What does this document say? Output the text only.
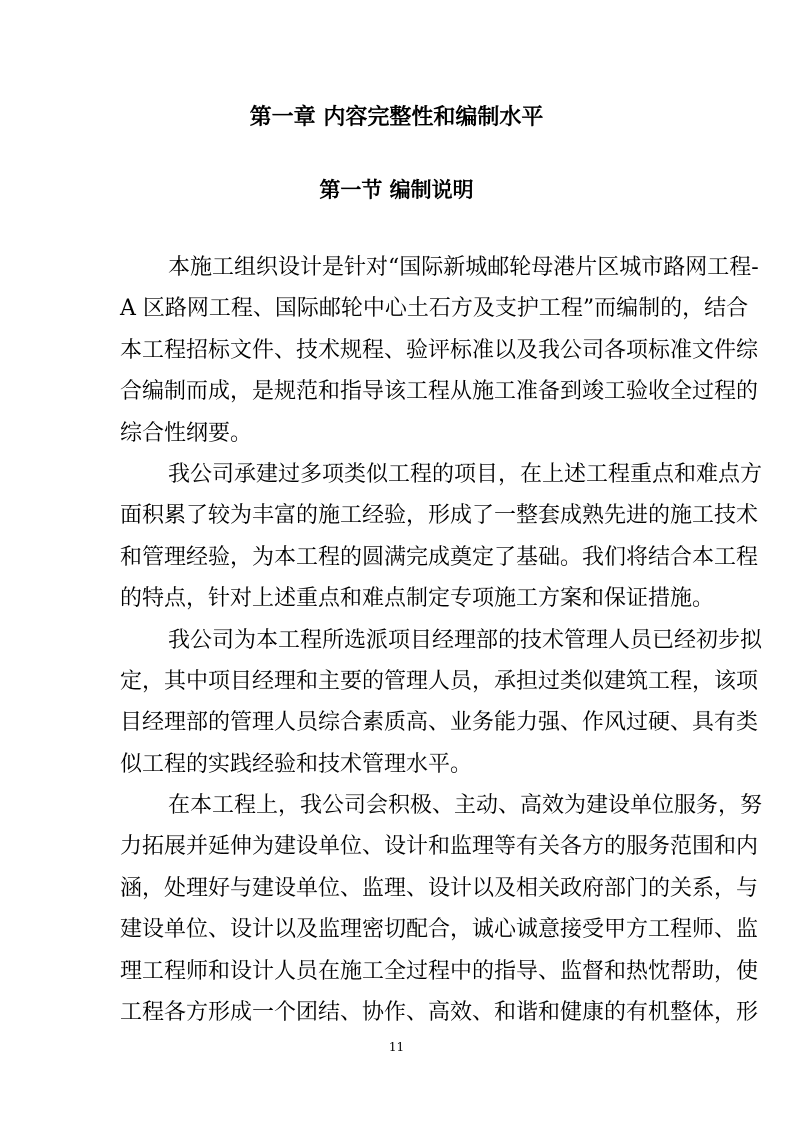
第一章 内容完整性和编制水平
第一节 编制说明
本施工组织设计是针对“国际新城邮轮母港片区城市路网工程-
A 区路网工程、国际邮轮中心土石方及支护工程”而编制的，结合
本工程招标文件、技术规程、验评标准以及我公司各项标准文件综
合编制而成，是规范和指导该工程从施工准备到竣工验收全过程的
综合性纲要。
我公司承建过多项类似工程的项目，在上述工程重点和难点方
面积累了较为丰富的施工经验，形成了一整套成熟先进的施工技术
和管理经验，为本工程的圆满完成奠定了基础。我们将结合本工程
的特点，针对上述重点和难点制定专项施工方案和保证措施。
我公司为本工程所选派项目经理部的技术管理人员已经初步拟
定，其中项目经理和主要的管理人员，承担过类似建筑工程，该项
目经理部的管理人员综合素质高、业务能力强、作风过硬、具有类
似工程的实践经验和技术管理水平。
在本工程上，我公司会积极、主动、高效为建设单位服务，努
力拓展并延伸为建设单位、设计和监理等有关各方的服务范围和内
涵，处理好与建设单位、监理、设计以及相关政府部门的关系，与
建设单位、设计以及监理密切配合，诚心诚意接受甲方工程师、监
理工程师和设计人员在施工全过程中的指导、监督和热忱帮助，使
工程各方形成一个团结、协作、高效、和谐和健康的有机整体，形
11
